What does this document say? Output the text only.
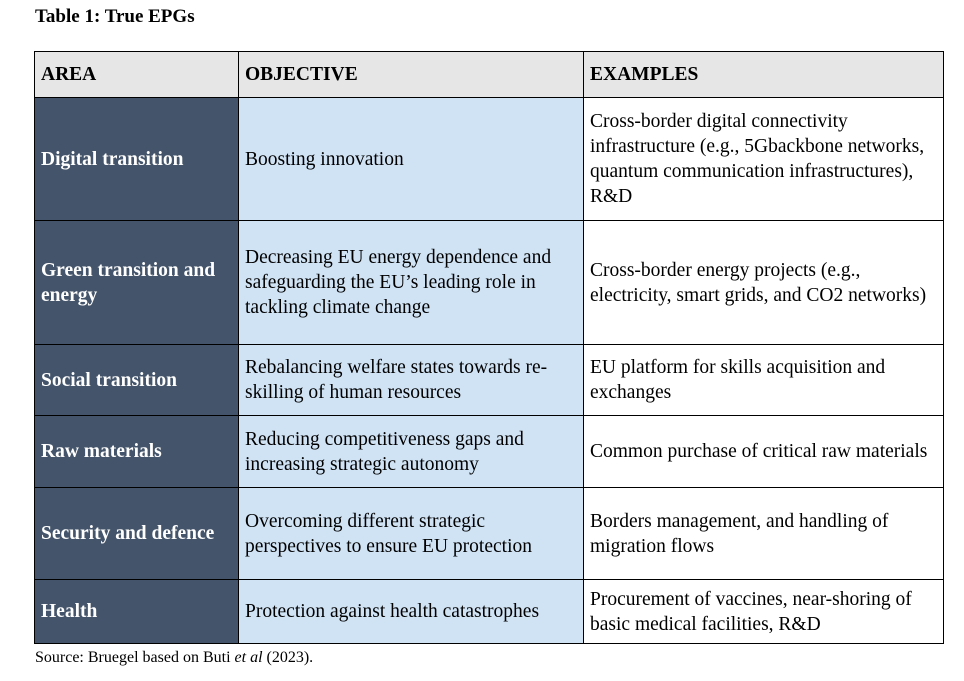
Table 1: True EPGs
AREA	OBJECTIVE	EXAMPLES
Digital transition	Boosting innovation	Cross-border digital connectivity infrastructure (e.g., 5Gbackbone networks, quantum communication infrastructures), R&D
Green transition and energy	Decreasing EU energy dependence and safeguarding the EU’s leading role in tackling climate change	Cross-border energy projects (e.g., electricity, smart grids, and CO2 networks)
Social transition	Rebalancing welfare states towards re-skilling of human resources	EU platform for skills acquisition and exchanges
Raw materials	Reducing competitiveness gaps and increasing strategic autonomy	Common purchase of critical raw materials
Security and defence	Overcoming different strategic perspectives to ensure EU protection	Borders management, and handling of migration flows
Health	Protection against health catastrophes	Procurement of vaccines, near-shoring of basic medical facilities, R&D
Source: Bruegel based on Buti et al (2023).
